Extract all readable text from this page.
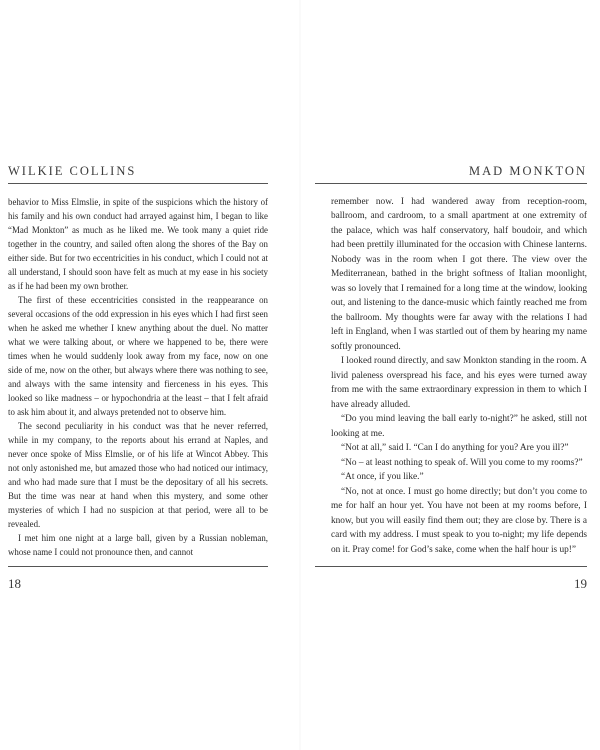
WILKIE COLLINS

behavior to Miss Elmslie, in spite of the suspicions which the history of his family and his own conduct had arrayed against him, I began to like “Mad Monkton” as much as he liked me. We took many a quiet ride together in the country, and sailed often along the shores of the Bay on either side. But for two eccentricities in his conduct, which I could not at all understand, I should soon have felt as much at my ease in his society as if he had been my own brother.

The first of these eccentricities consisted in the reappearance on several occasions of the odd expression in his eyes which I had first seen when he asked me whether I knew anything about the duel. No matter what we were talking about, or where we happened to be, there were times when he would suddenly look away from my face, now on one side of me, now on the other, but always where there was nothing to see, and always with the same intensity and fierceness in his eyes. This looked so like madness – or hypochondria at the least – that I felt afraid to ask him about it, and always pretended not to observe him.

The second peculiarity in his conduct was that he never referred, while in my company, to the reports about his errand at Naples, and never once spoke of Miss Elmslie, or of his life at Wincot Abbey. This not only astonished me, but amazed those who had noticed our intimacy, and who had made sure that I must be the depositary of all his secrets. But the time was near at hand when this mystery, and some other mysteries of which I had no suspicion at that period, were all to be revealed.

I met him one night at a large ball, given by a Russian nobleman, whose name I could not pronounce then, and cannot

18
MAD MONKTON

remember now. I had wandered away from reception-room, ballroom, and cardroom, to a small apartment at one extremity of the palace, which was half conservatory, half boudoir, and which had been prettily illuminated for the occasion with Chinese lanterns. Nobody was in the room when I got there. The view over the Mediterranean, bathed in the bright softness of Italian moonlight, was so lovely that I remained for a long time at the window, looking out, and listening to the dance-music which faintly reached me from the ballroom. My thoughts were far away with the relations I had left in England, when I was startled out of them by hearing my name softly pronounced.

I looked round directly, and saw Monkton standing in the room. A livid paleness overspread his face, and his eyes were turned away from me with the same extraordinary expression in them to which I have already alluded.

“Do you mind leaving the ball early to-night?” he asked, still not looking at me.

“Not at all,” said I. “Can I do anything for you? Are you ill?”

“No – at least nothing to speak of. Will you come to my rooms?”

“At once, if you like.”

“No, not at once. I must go home directly; but don’t you come to me for half an hour yet. You have not been at my rooms before, I know, but you will easily find them out; they are close by. There is a card with my address. I must speak to you to-night; my life depends on it. Pray come! for God’s sake, come when the half hour is up!”

19
